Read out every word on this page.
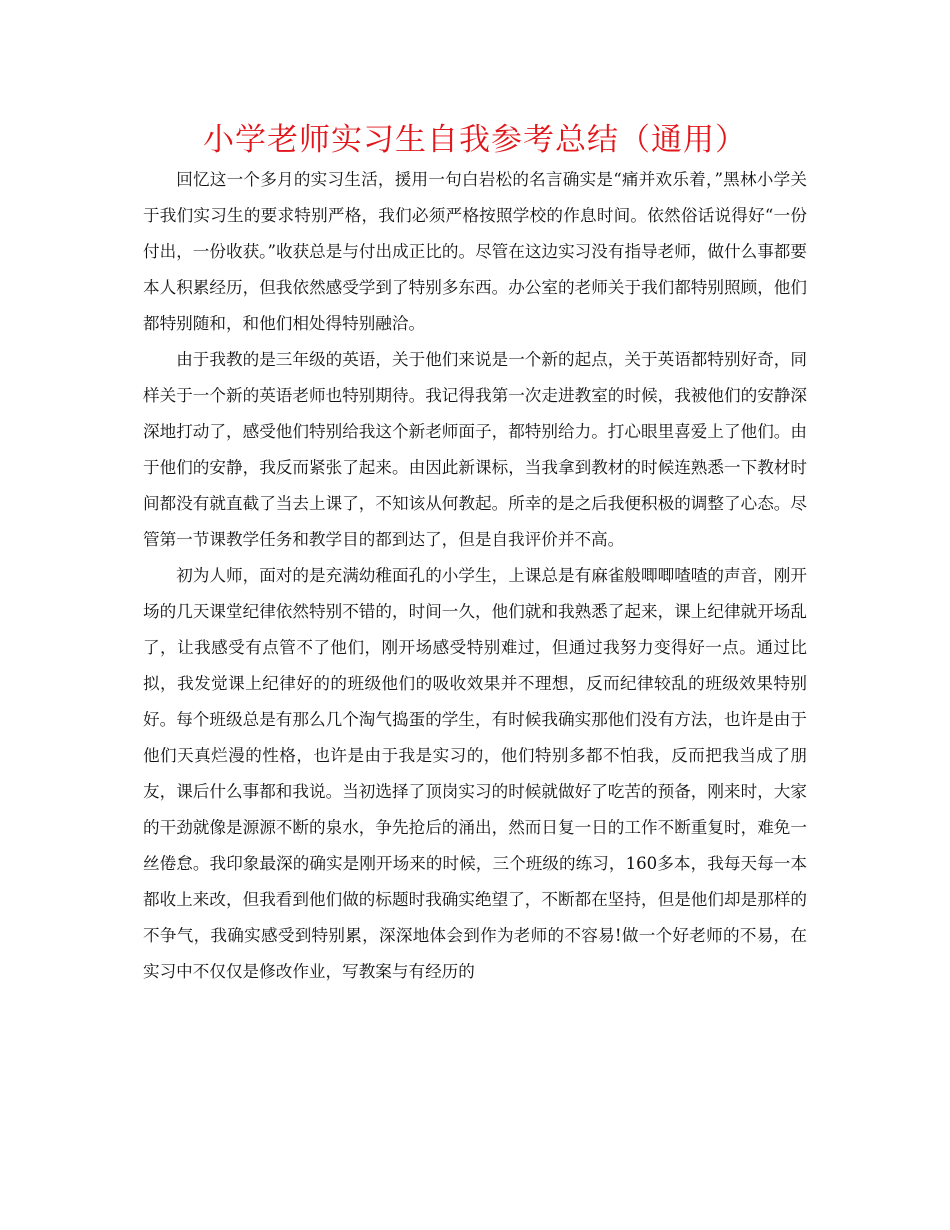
小学老师实习生自我参考总结（通用）

回忆这一个多月的实习生活，援用一句白岩松的名言确实是“痛并欢乐着，”黑林小学关于我们实习生的要求特别严格，我们必须严格按照学校的作息时间。依然俗话说得好“一份付出，一份收获。”收获总是与付出成正比的。尽管在这边实习没有指导老师，做什么事都要本人积累经历，但我依然感受学到了特别多东西。办公室的老师关于我们都特别照顾，他们都特别随和，和他们相处得特别融洽。

由于我教的是三年级的英语，关于他们来说是一个新的起点，关于英语都特别好奇，同样关于一个新的英语老师也特别期待。我记得我第一次走进教室的时候，我被他们的安静深深地打动了，感受他们特别给我这个新老师面子，都特别给力。打心眼里喜爱上了他们。由于他们的安静，我反而紧张了起来。由因此新课标，当我拿到教材的时候连熟悉一下教材时间都没有就直截了当去上课了，不知该从何教起。所幸的是之后我便积极的调整了心态。尽管第一节课教学任务和教学目的都到达了，但是自我评价并不高。

初为人师，面对的是充满幼稚面孔的小学生，上课总是有麻雀般唧唧喳喳的声音，刚开场的几天课堂纪律依然特别不错的，时间一久，他们就和我熟悉了起来，课上纪律就开场乱了，让我感受有点管不了他们，刚开场感受特别难过，但通过我努力变得好一点。通过比拟，我发觉课上纪律好的的班级他们的吸收效果并不理想，反而纪律较乱的班级效果特别好。每个班级总是有那么几个淘气捣蛋的学生，有时候我确实那他们没有方法，也许是由于他们天真烂漫的性格，也许是由于我是实习的，他们特别多都不怕我，反而把我当成了朋友，课后什么事都和我说。当初选择了顶岗实习的时候就做好了吃苦的预备，刚来时，大家的干劲就像是源源不断的泉水，争先抢后的涌出，然而日复一日的工作不断重复时，难免一丝倦怠。我印象最深的确实是刚开场来的时候，三个班级的练习，160多本，我每天每一本都收上来改，但我看到他们做的标题时我确实绝望了，不断都在坚持，但是他们却是那样的不争气，我确实感受到特别累，深深地体会到作为老师的不容易!做一个好老师的不易，在实习中不仅仅是修改作业，写教案与有经历的
